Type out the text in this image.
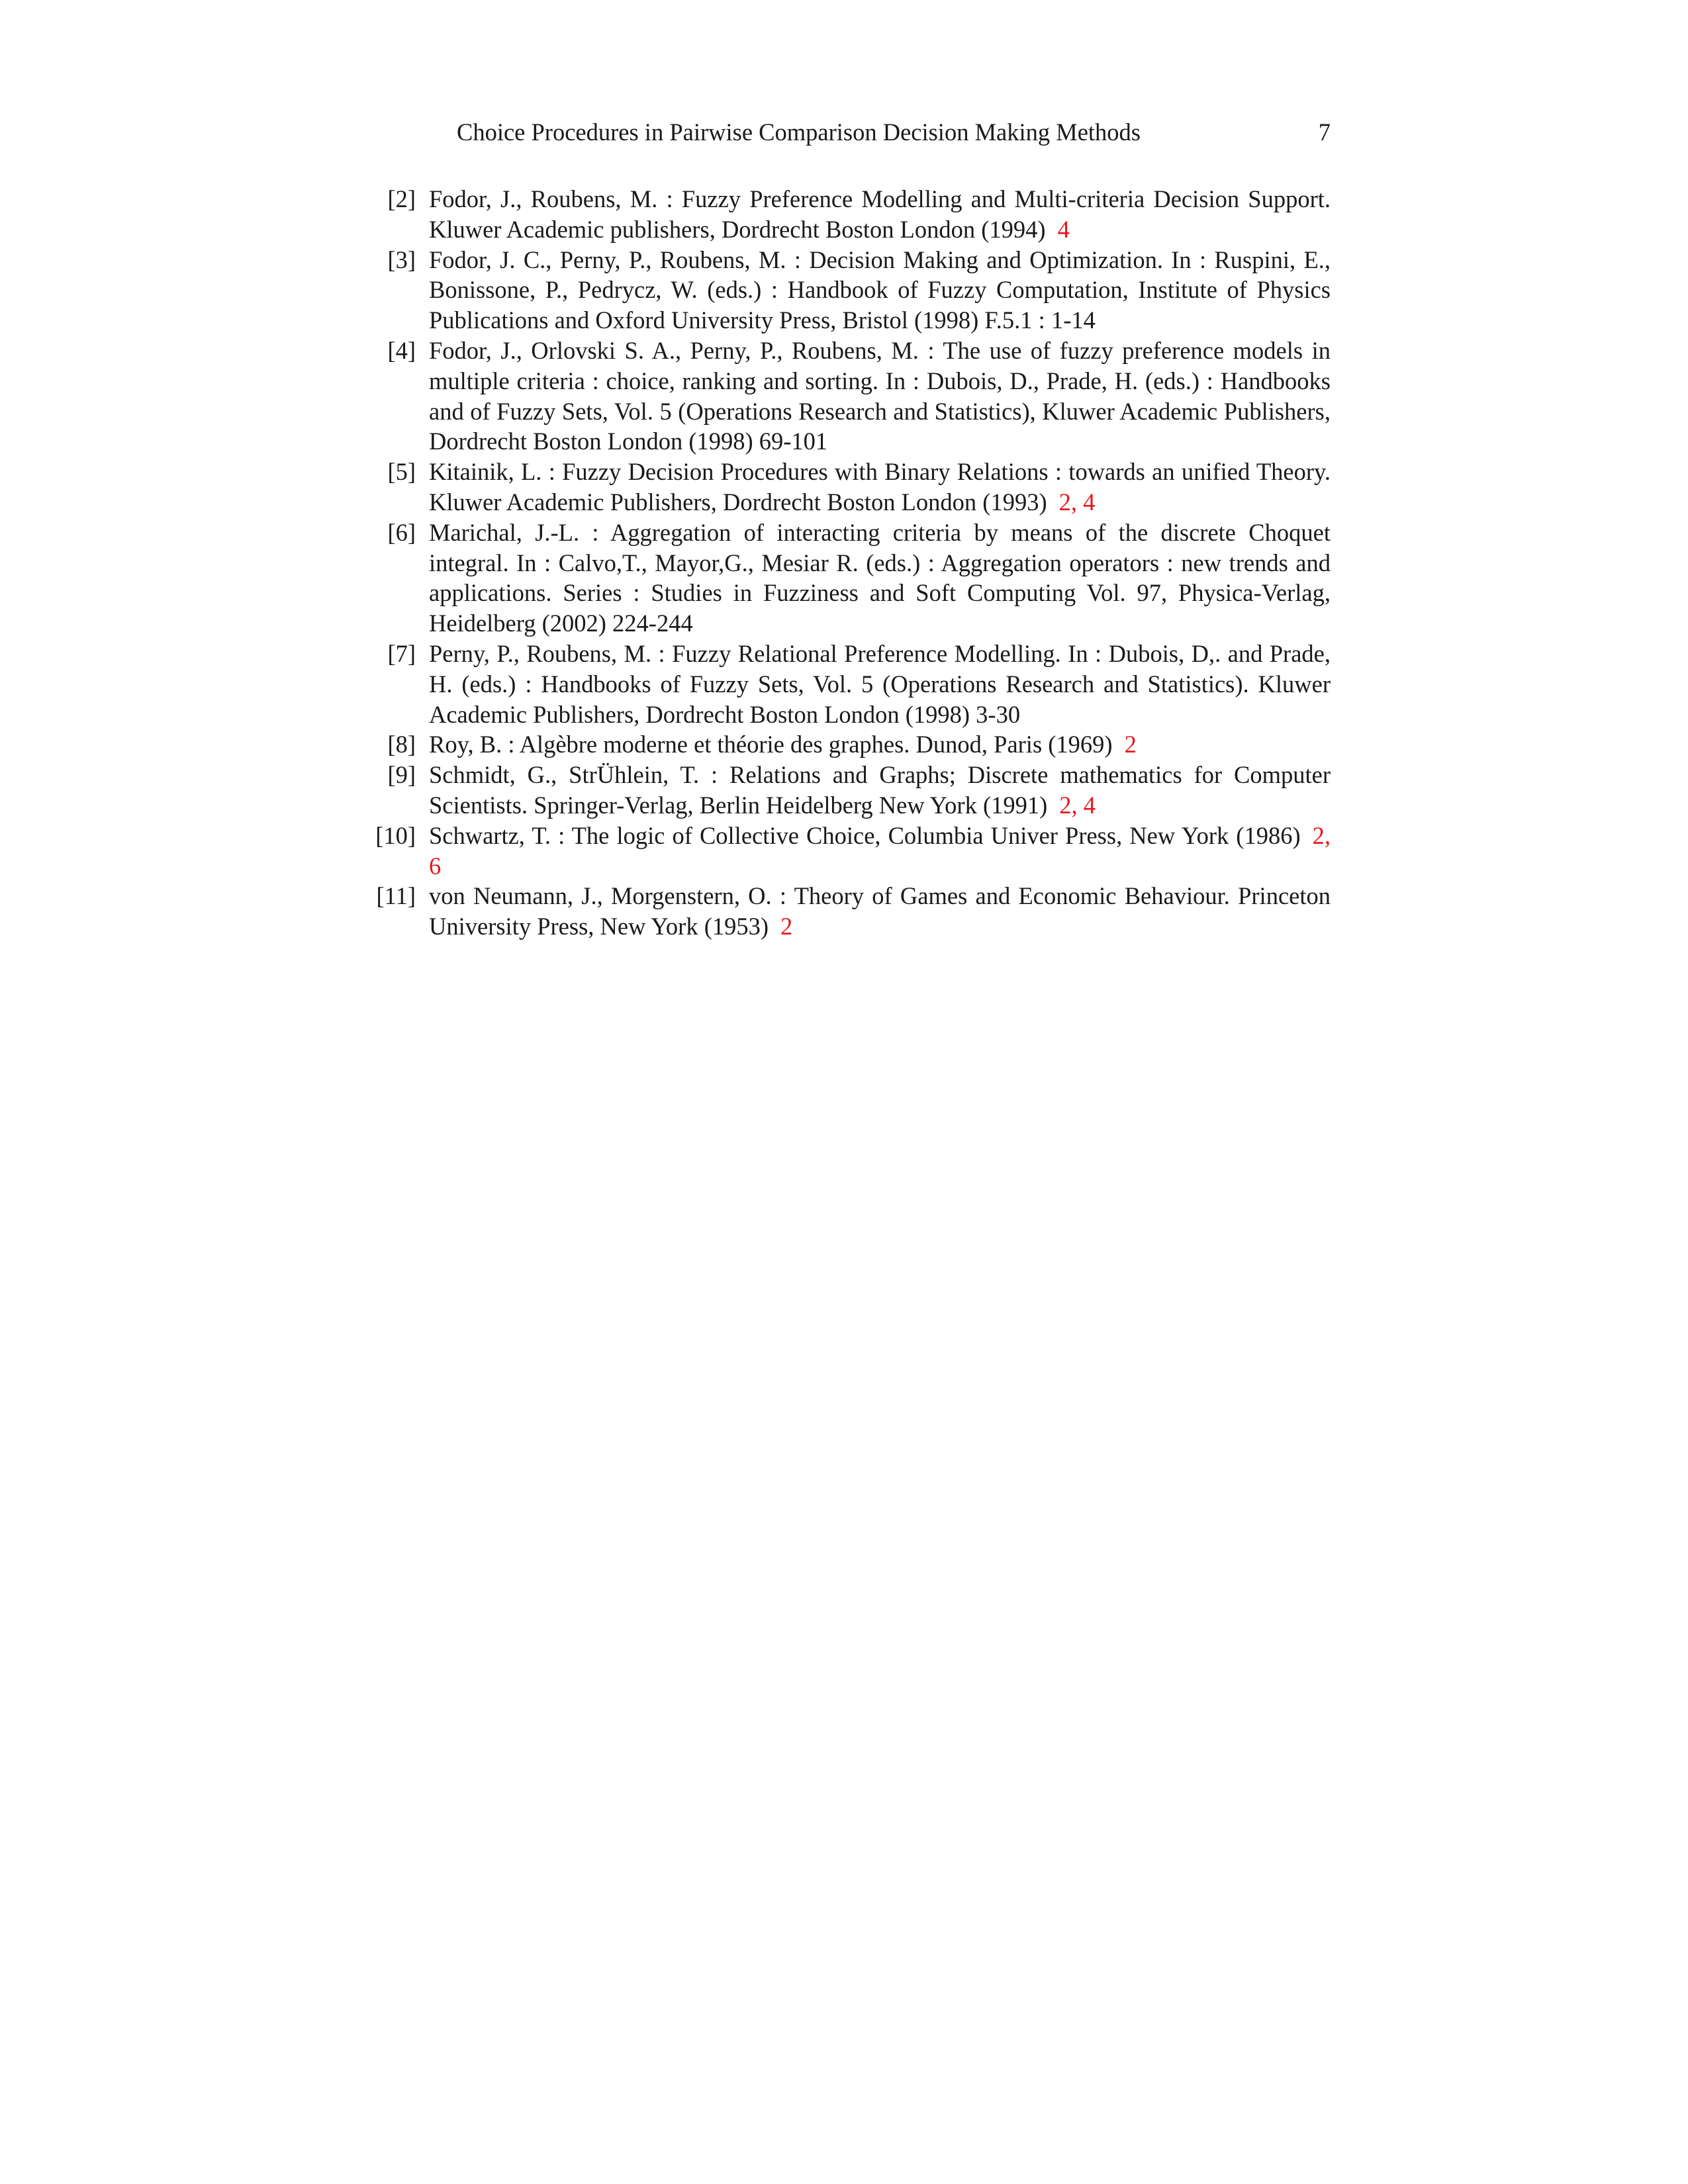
Choice Procedures in Pairwise Comparison Decision Making Methods	7
[2] Fodor, J., Roubens, M. : Fuzzy Preference Modelling and Multi-criteria Decision Support. Kluwer Academic publishers, Dordrecht Boston London (1994) 4
[3] Fodor, J. C., Perny, P., Roubens, M. : Decision Making and Optimization. In : Ruspini, E., Bonissone, P., Pedrycz, W. (eds.) : Handbook of Fuzzy Computation, Institute of Physics Publications and Oxford University Press, Bristol (1998) F.5.1 : 1-14
[4] Fodor, J., Orlovski S. A., Perny, P., Roubens, M. : The use of fuzzy preference models in multiple criteria : choice, ranking and sorting. In : Dubois, D., Prade, H. (eds.) : Handbooks and of Fuzzy Sets, Vol. 5 (Operations Research and Statistics), Kluwer Academic Publishers, Dordrecht Boston London (1998) 69-101
[5] Kitainik, L. : Fuzzy Decision Procedures with Binary Relations : towards an unified Theory. Kluwer Academic Publishers, Dordrecht Boston London (1993) 2, 4
[6] Marichal, J.-L. : Aggregation of interacting criteria by means of the discrete Choquet integral. In : Calvo,T., Mayor,G., Mesiar R. (eds.) : Aggregation operators : new trends and applications. Series : Studies in Fuzziness and Soft Computing Vol. 97, Physica-Verlag, Heidelberg (2002) 224-244
[7] Perny, P., Roubens, M. : Fuzzy Relational Preference Modelling. In : Dubois, D,. and Prade, H. (eds.) : Handbooks of Fuzzy Sets, Vol. 5 (Operations Research and Statistics). Kluwer Academic Publishers, Dordrecht Boston London (1998) 3-30
[8] Roy, B. : Algèbre moderne et théorie des graphes. Dunod, Paris (1969) 2
[9] Schmidt, G., StrÜhlein, T. : Relations and Graphs; Discrete mathematics for Computer Scientists. Springer-Verlag, Berlin Heidelberg New York (1991) 2, 4
[10] Schwartz, T. : The logic of Collective Choice, Columbia Univer Press, New York (1986) 2, 6
[11] von Neumann, J., Morgenstern, O. : Theory of Games and Economic Behaviour. Princeton University Press, New York (1953) 2
